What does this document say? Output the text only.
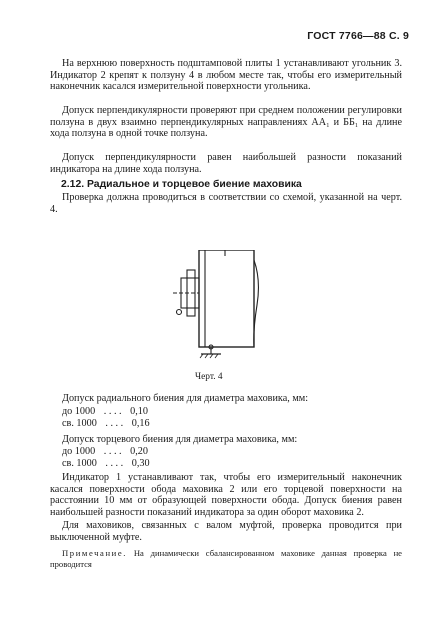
ГОСТ 7766—88 С. 9
На верхнюю поверхность подштамповой плиты 1 устанавливают угольник 3. Индикатор 2 крепят к ползуну 4 в любом месте так, чтобы его измерительный наконечник касался измерительной поверхности угольника.
Допуск перпендикулярности проверяют при среднем положении регулировки ползуна в двух взаимно перпендикулярных направлениях АА₁ и ББ₁ на длине хода ползуна в одной точке ползуна.
Допуск перпендикулярности равен наибольшей разности показаний индикатора на длине хода ползуна.
2.12. Радиальное и торцевое биение маховика
Проверка должна проводиться в соответствии со схемой, указанной на черт. 4.
Черт. 4
Допуск радиального биения для диаметра маховика, мм:
до 1000 . . . . 0,10
св. 1000 . . . . 0,16
Допуск торцевого биения для диаметра маховика, мм:
до 1000 . . . . 0,20
св. 1000 . . . . 0,30
Индикатор 1 устанавливают так, чтобы его измерительный наконечник касался поверхности обода маховика 2 или его торцевой поверхности на расстоянии 10 мм от образующей поверхности обода. Допуск биения равен наибольшей разности показаний индикатора за один оборот маховика 2.
Для маховиков, связанных с валом муфтой, проверка проводится при выключенной муфте.
Примечание. На динамически сбалансированном маховике данная проверка не проводится
